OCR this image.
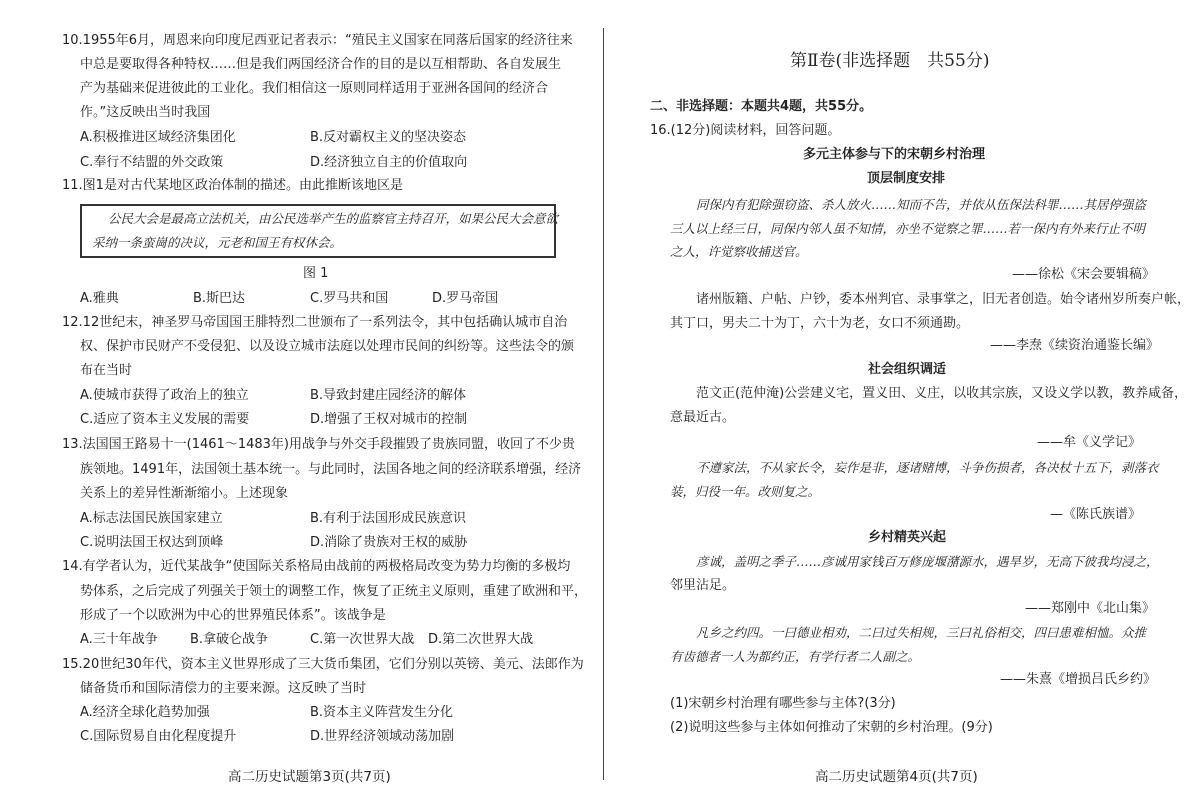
10.1955年6月，周恩来向印度尼西亚记者表示：“殖民主义国家在同落后国家的经济往来
中总是要取得各种特权……但是我们两国经济合作的目的是以互相帮助、各自发展生
产为基础来促进彼此的工业化。我们相信这一原则同样适用于亚洲各国间的经济合
作。”这反映出当时我国
A.积极推进区域经济集团化	B.反对霸权主义的坚决姿态
C.奉行不结盟的外交政策	D.经济独立自主的价值取向
11.图1是对古代某地区政治体制的描述。由此推断该地区是
公民大会是最高立法机关，由公民选举产生的监察官主持召开，如果公民大会意欲
采纳一条蛮崗的决议，元老和国王有权休会。
图 1
A.雅典	B.斯巴达	C.罗马共和国	D.罗马帝国
12.12世纪末，神圣罗马帝国国王腓特烈二世颁布了一系列法令，其中包括确认城市自治
权、保护市民财产不受侵犯、以及设立城市法庭以处理市民间的纠纷等。这些法令的颁
布在当时
A.使城市获得了政治上的独立	B.导致封建庄园经济的解体
C.适应了资本主义发展的需要	D.增强了王权对城市的控制
13.法国国王路易十一(1461～1483年)用战争与外交手段摧毁了贵族同盟，收回了不少贵
族领地。1491年，法国领土基本统一。与此同时，法国各地之间的经济联系增强，经济
关系上的差异性渐渐缩小。上述现象
A.标志法国民族国家建立	B.有利于法国形成民族意识
C.说明法国王权达到顶峰	D.消除了贵族对王权的威胁
14.有学者认为，近代某战争“使国际关系格局由战前的两极格局改变为势力均衡的多极均
势体系，之后完成了列强关于领土的调整工作，恢复了正统主义原则，重建了欧洲和平，
形成了一个以欧洲为中心的世界殖民体系”。该战争是
A.三十年战争 B.拿破仑战争	C.第一次世界大战 D.第二次世界大战
15.20世纪30年代，资本主义世界形成了三大货币集团，它们分别以英镑、美元、法郎作为
储备货币和国际清偿力的主要来源。这反映了当时
A.经济全球化趋势加强	B.资本主义阵营发生分化
C.国际贸易自由化程度提升	D.世界经济领域动荡加剧
高二历史试题第3页(共7页)
第Ⅱ卷(非选择题　共55分)
二、非选择题：本题共4题，共55分。
16.(12分)阅读材料，回答问题。
多元主体参与下的宋朝乡村治理
顶层制度安排
同保内有犯除强窃盗、杀人放火……知而不告，并依从伍保法科罪……其居停强盗
三人以上经三日，同保内邻人虽不知情，亦坐不觉察之罪……若一保内有外来行止不明
之人，许觉察收捕送官。
——徐松《宋会要辑稿》
诸州版籍、户帖、户钞，委本州判官、录事掌之，旧无者创造。始令诸州岁所奏户帐，
其丁口，男夫二十为丁，六十为老，女口不须通勘。
——李焘《续资治通鉴长编》
社会组织调适
范文正(范仲淹)公尝建义宅，置义田、义庄，以收其宗族，又设义学以教，教养咸备，
意最近古。
——牟《义学记》
不遵家法，不从家长令，妄作是非，逐诸赌博，斗争伤损者，各决杖十五下，剥落衣
装，归役一年。改则复之。
—《陈氏族谱》
乡村精英兴起
彦诚，盖明之季子……彦诚用家钱百万修庞堰潴源水，遇旱岁，无高下彼我均浸之，
邻里沾足。
——郑刚中《北山集》
凡乡之约四。一曰德业相劝，二曰过失相规，三曰礼俗相交，四曰患难相恤。众推
有齿德者一人为都约正，有学行者二人副之。
——朱熹《增损吕氏乡约》
(1)宋朝乡村治理有哪些参与主体?(3分)
(2)说明这些参与主体如何推动了宋朝的乡村治理。(9分)
高二历史试题第4页(共7页)
